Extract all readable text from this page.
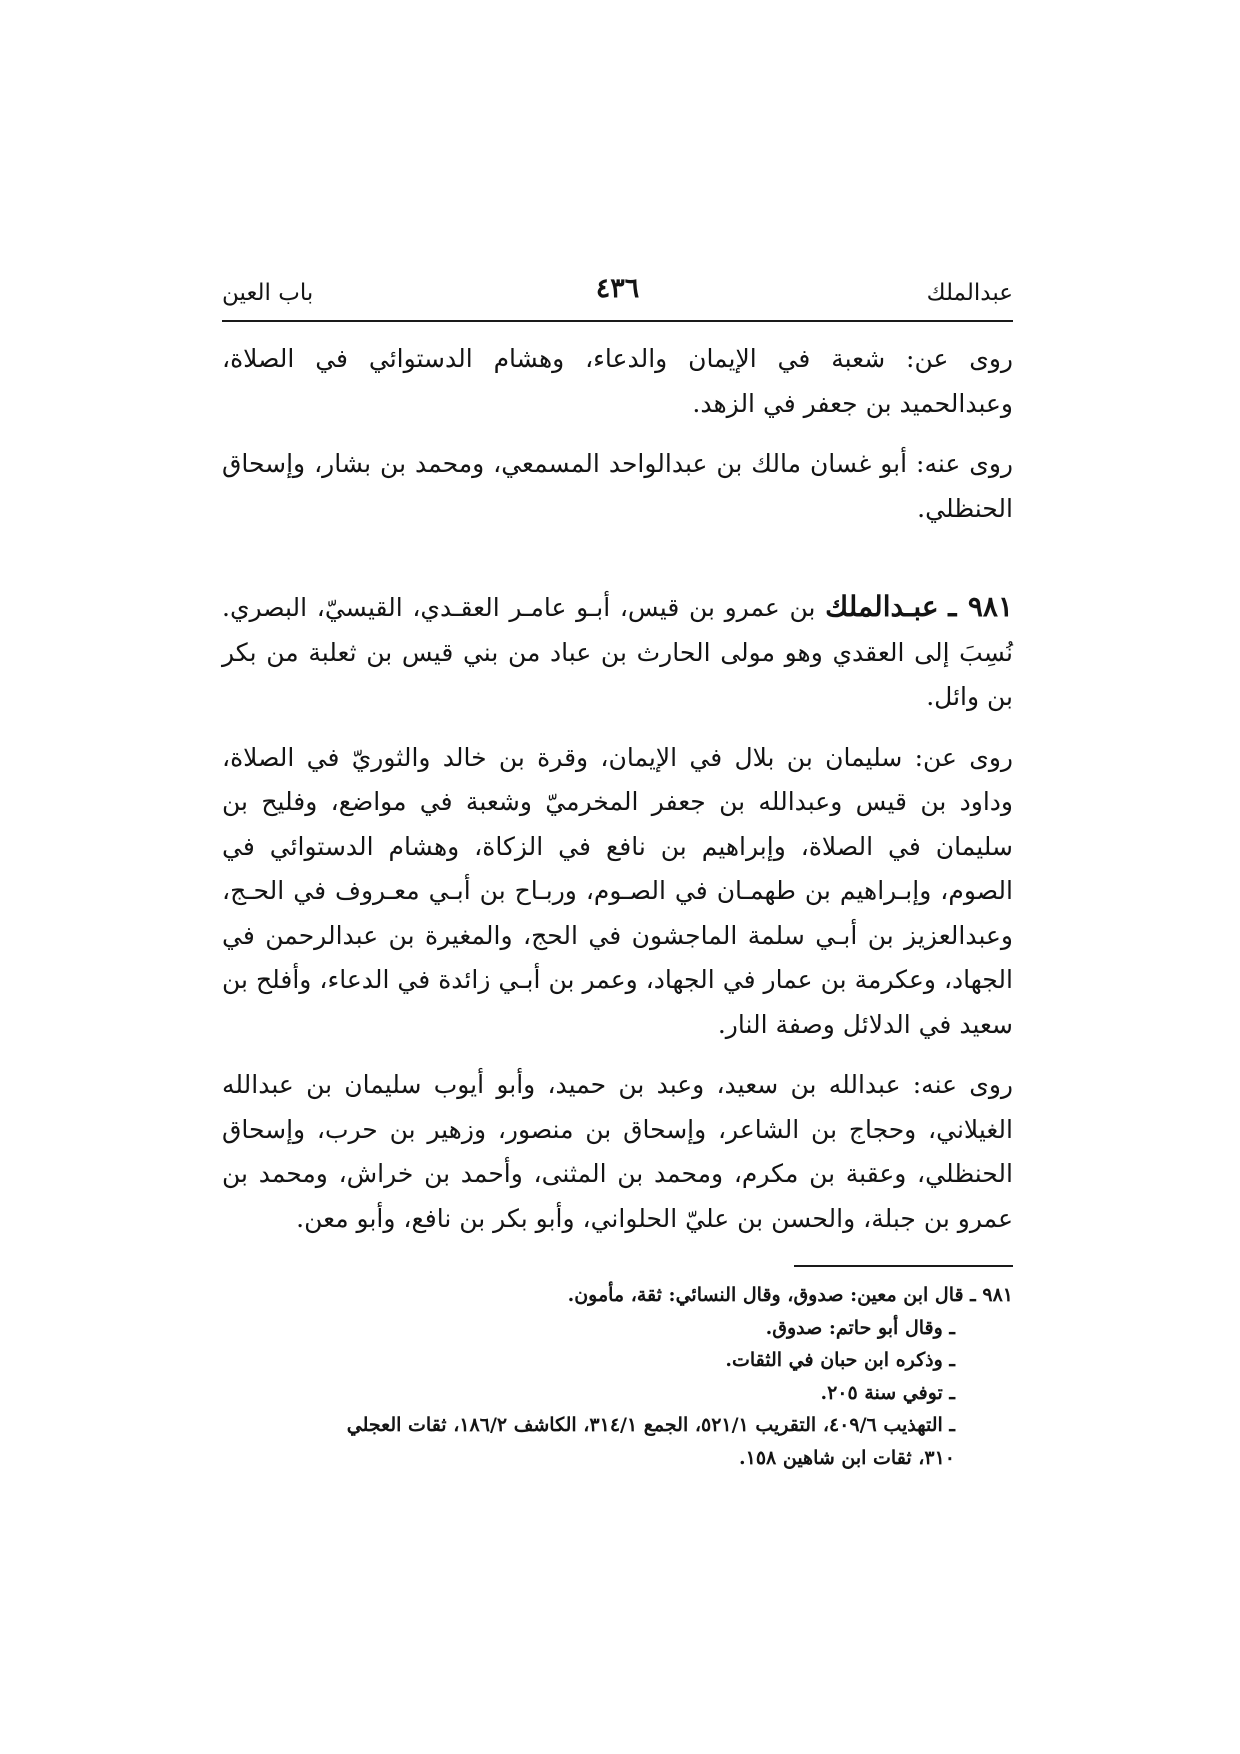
عبدالملك
٤٣٦
باب العين

روى عن: شعبة في الإيمان والدعاء، وهشام الدستوائي في الصلاة، وعبدالحميد بن جعفر في الزهد.

روى عنه: أبو غسان مالك بن عبدالواحد المسمعي، ومحمد بن بشار، وإسحاق الحنظلي.

٩٨١ ـ عبـدالملك بن عمرو بن قيس، أبـو عامـر العقـدي، القيسيّ، البصري. نُسِبَ إلى العقدي وهو مولى الحارث بن عباد من بني قيس بن ثعلبة من بكر بن وائل.

روى عن: سليمان بن بلال في الإيمان، وقرة بن خالد والثوريّ في الصلاة، وداود بن قيس وعبدالله بن جعفر المخرميّ وشعبة في مواضع، وفليح بن سليمان في الصلاة، وإبراهيم بن نافع في الزكاة، وهشام الدستوائي في الصوم، وإبـراهيم بن طهمـان في الصـوم، وربـاح بن أبـي معـروف في الحـج، وعبدالعزيز بن أبـي سلمة الماجشون في الحج، والمغيرة بن عبدالرحمن في الجهاد، وعكرمة بن عمار في الجهاد، وعمر بن أبـي زائدة في الدعاء، وأفلح بن سعيد في الدلائل وصفة النار.

روى عنه: عبدالله بن سعيد، وعبد بن حميد، وأبو أيوب سليمان بن عبدالله الغيلاني، وحجاج بن الشاعر، وإسحاق بن منصور، وزهير بن حرب، وإسحاق الحنظلي، وعقبة بن مكرم، ومحمد بن المثنى، وأحمد بن خراش، ومحمد بن عمرو بن جبلة، والحسن بن عليّ الحلواني، وأبو بكر بن نافع، وأبو معن.

٩٨١ ـ قال ابن معين: صدوق، وقال النسائي: ثقة، مأمون.

ـ وقال أبو حاتم: صدوق.

ـ وذكره ابن حبان في الثقات.

ـ توفي سنة ٢٠٥.

ـ التهذيب ٤٠٩/٦، التقريب ٥٢١/١، الجمع ٣١٤/١، الكاشف ١٨٦/٢، ثقات العجلي

٣١٠، ثقات ابن شاهين ١٥٨.
